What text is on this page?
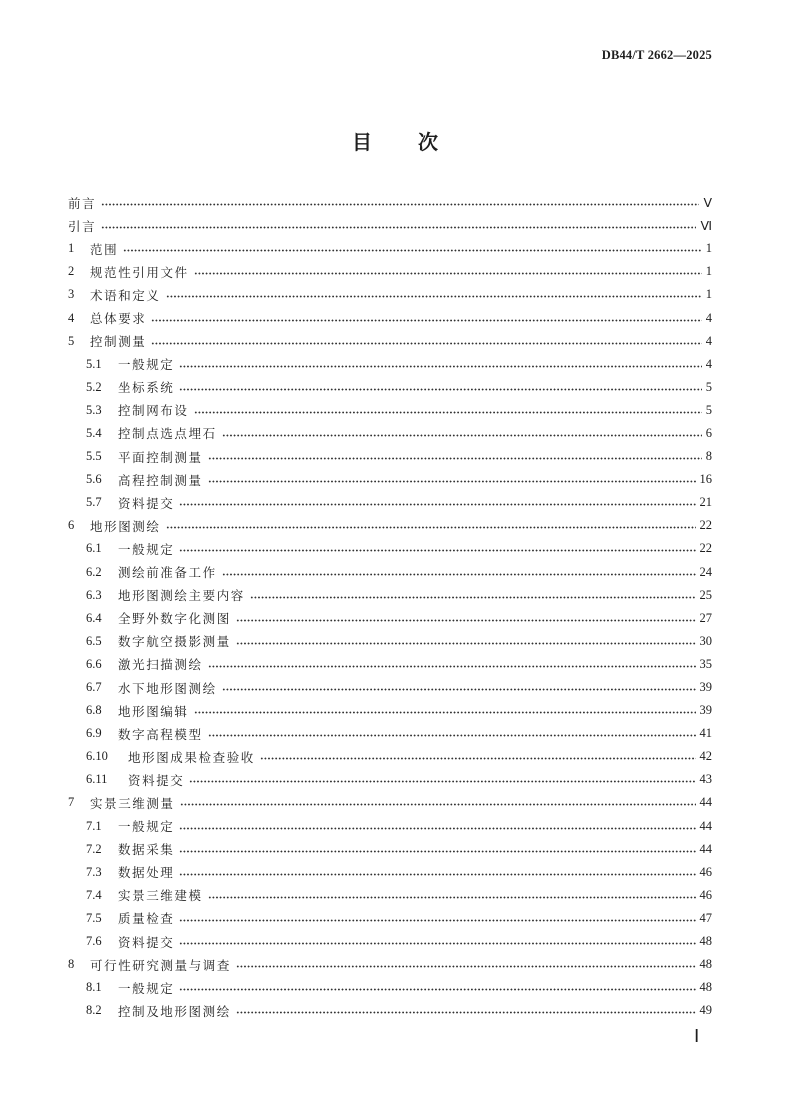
DB44/T 2662—2025
目　次
前言	Ⅴ
引言	Ⅵ
1	范围	1
2	规范性引用文件	1
3	术语和定义	1
4	总体要求	4
5	控制测量	4
5.1	一般规定	4
5.2	坐标系统	5
5.3	控制网布设	5
5.4	控制点选点埋石	6
5.5	平面控制测量	8
5.6	高程控制测量	16
5.7	资料提交	21
6	地形图测绘	22
6.1	一般规定	22
6.2	测绘前准备工作	24
6.3	地形图测绘主要内容	25
6.4	全野外数字化测图	27
6.5	数字航空摄影测量	30
6.6	激光扫描测绘	35
6.7	水下地形图测绘	39
6.8	地形图编辑	39
6.9	数字高程模型	41
6.10	地形图成果检查验收	42
6.11	资料提交	43
7	实景三维测量	44
7.1	一般规定	44
7.2	数据采集	44
7.3	数据处理	46
7.4	实景三维建模	46
7.5	质量检查	47
7.6	资料提交	48
8	可行性研究测量与调查	48
8.1	一般规定	48
8.2	控制及地形图测绘	49
Ⅰ
